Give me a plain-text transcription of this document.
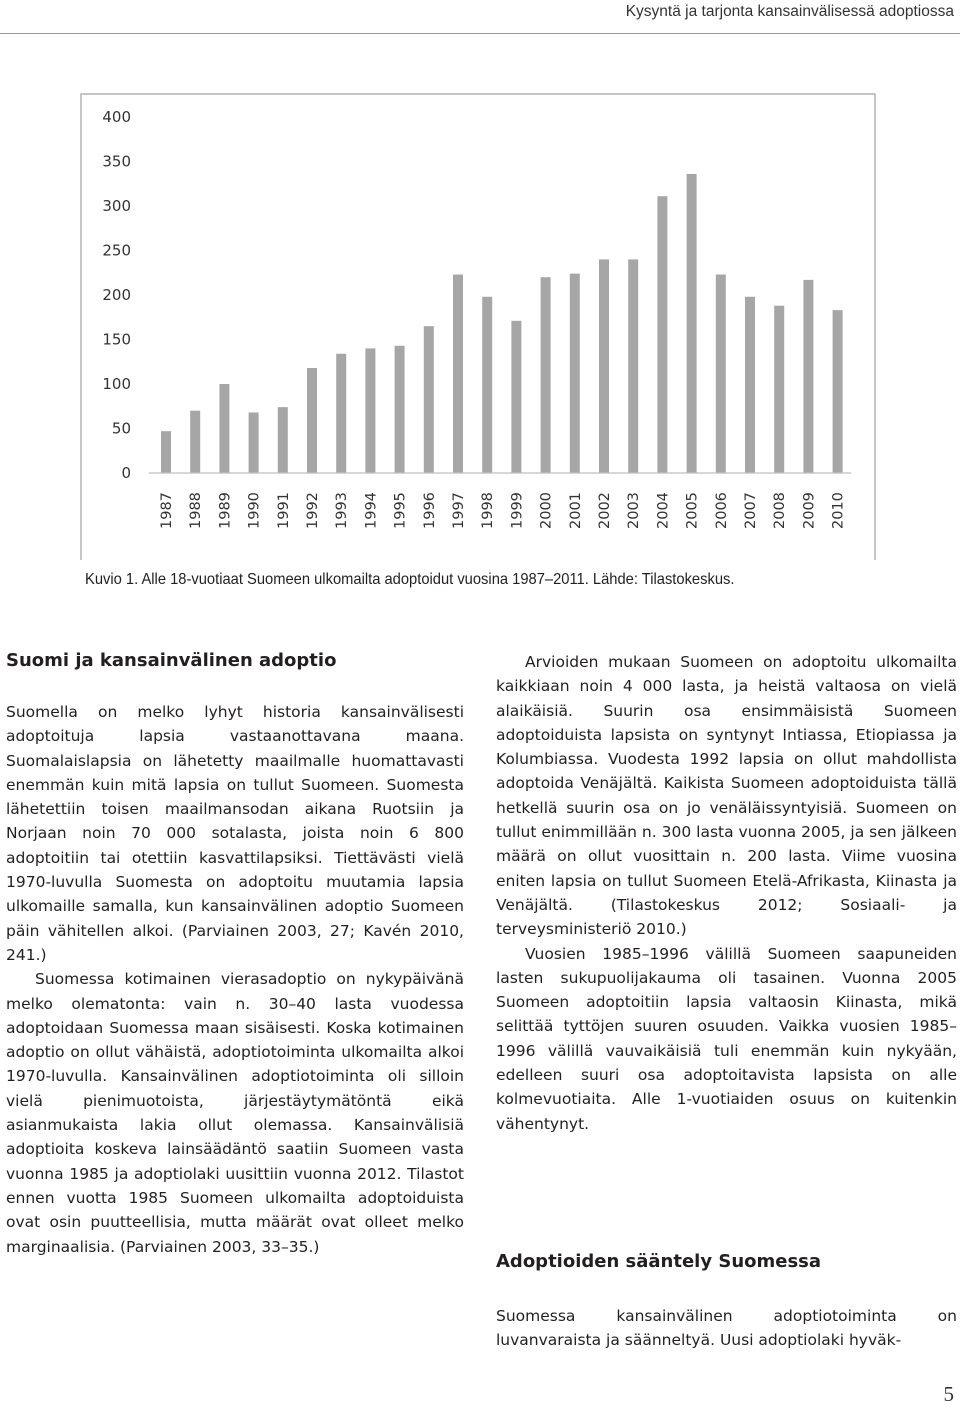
Kysyntä ja tarjonta kansainvälisessä adoptiossa
0
50
100
150
200
250
300
350
400
1987 1988 1989 1990 1991 1992 1993 1994 1995 1996 1997 1998 1999 2000 2001 2002 2003 2004 2005 2006 2007 2008 2009 2010
Kuvio 1. Alle 18-vuotiaat Suomeen ulkomailta adoptoidut vuosina 1987–2011. Lähde: Tilastokeskus.
Suomi ja kansainvälinen adoptio

Suomella on melko lyhyt historia kansainvälisesti adoptoituja lapsia vastaanottavana maana. Suomalaislapsia on lähetetty maailmalle huomattavasti enemmän kuin mitä lapsia on tullut Suomeen. Suomesta lähetettiin toisen maailmansodan aikana Ruotsiin ja Norjaan noin 70 000 sotalasta, joista noin 6 800 adoptoitiin tai otettiin kasvattilapsiksi. Tiettävästi vielä 1970-luvulla Suomesta on adoptoitu muutamia lapsia ulkomaille samalla, kun kansainvälinen adoptio Suomeen päin vähitellen alkoi. (Parviainen 2003, 27; Kavén 2010, 241.)

Suomessa kotimainen vierasadoptio on nykypäivänä melko olematonta: vain n. 30–40 lasta vuodessa adoptoidaan Suomessa maan sisäisesti. Koska kotimainen adoptio on ollut vähäistä, adoptiotoiminta ulkomailta alkoi 1970-luvulla. Kansainvälinen adoptiotoiminta oli silloin vielä pienimuotoista, järjestäytymätöntä eikä asianmukaista lakia ollut olemassa. Kansainvälisiä adoptioita koskeva lainsäädäntö saatiin Suomeen vasta vuonna 1985 ja adoptiolaki uusittiin vuonna 2012. Tilastot ennen vuotta 1985 Suomeen ulkomailta adoptoiduista ovat osin puutteellisia, mutta määrät ovat olleet melko marginaalisia. (Parviainen 2003, 33–35.)

Arvioiden mukaan Suomeen on adoptoitu ulkomailta kaikkiaan noin 4 000 lasta, ja heistä valtaosa on vielä alaikäisiä. Suurin osa ensimmäisistä Suomeen adoptoiduista lapsista on syntynyt Intiassa, Etiopiassa ja Kolumbiassa. Vuodesta 1992 lapsia on ollut mahdollista adoptoida Venäjältä. Kaikista Suomeen adoptoiduista tällä hetkellä suurin osa on jo venäläissyntyisiä. Suomeen on tullut enimmillään n. 300 lasta vuonna 2005, ja sen jälkeen määrä on ollut vuosittain n. 200 lasta. Viime vuosina eniten lapsia on tullut Suomeen Etelä-Afrikasta, Kiinasta ja Venäjältä. (Tilastokeskus 2012; Sosiaali- ja terveysministeriö 2010.)

Vuosien 1985–1996 välillä Suomeen saapuneiden lasten sukupuolijakauma oli tasainen. Vuonna 2005 Suomeen adoptoitiin lapsia valtaosin Kiinasta, mikä selittää tyttöjen suuren osuuden. Vaikka vuosien 1985–1996 välillä vauvaikäisiä tuli enemmän kuin nykyään, edelleen suuri osa adoptoitavista lapsista on alle kolmevuotiaita. Alle 1-vuotiaiden osuus on kuitenkin vähentynyt.

Adoptioiden sääntely Suomessa

Suomessa kansainvälinen adoptiotoiminta on luvanvaraista ja säänneltyä. Uusi adoptiolaki hyväk-

5
